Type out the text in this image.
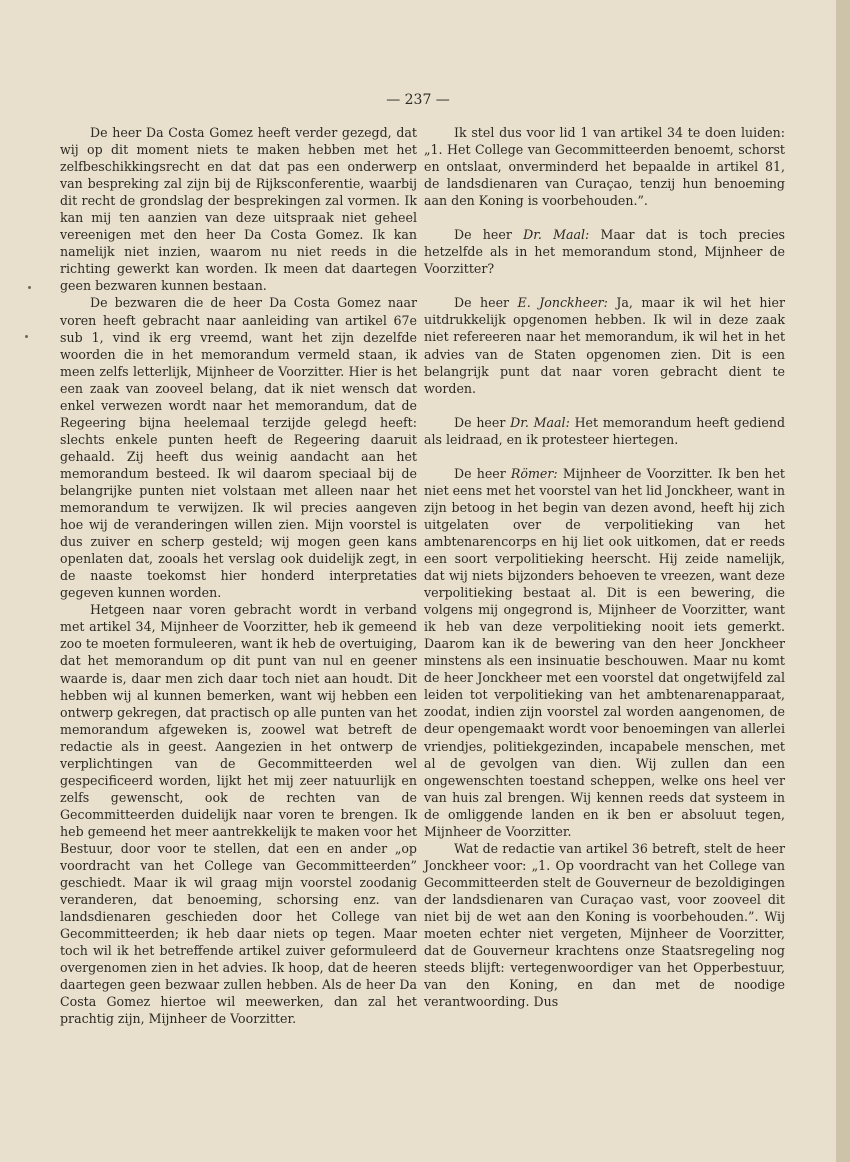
— 237 —

De heer Da Costa Gomez heeft verder gezegd, dat wij op dit moment niets te maken hebben met het zelfbeschikkingsrecht en dat dat pas een onderwerp van bespreking zal zijn bij de Rijksconferentie, waarbij dit recht de grondslag der besprekingen zal vormen. Ik kan mij ten aanzien van deze uitspraak niet geheel vereenigen met den heer Da Costa Gomez. Ik kan namelijk niet inzien, waarom nu niet reeds in die richting gewerkt kan worden. Ik meen dat daartegen geen bezwaren kunnen bestaan.

De bezwaren die de heer Da Costa Gomez naar voren heeft gebracht naar aanleiding van artikel 67e sub 1, vind ik erg vreemd, want het zijn dezelfde woorden die in het memorandum vermeld staan, ik meen zelfs letterlijk, Mijnheer de Voorzitter. Hier is het een zaak van zooveel belang, dat ik niet wensch dat enkel verwezen wordt naar het memorandum, dat de Regeering bijna heelemaal terzijde gelegd heeft: slechts enkele punten heeft de Regeering daaruit gehaald. Zij heeft dus weinig aandacht aan het memorandum besteed. Ik wil daarom speciaal bij de belangrijke punten niet volstaan met alleen naar het memorandum te verwijzen. Ik wil precies aangeven hoe wij de veranderingen willen zien. Mijn voorstel is dus zuiver en scherp gesteld; wij mogen geen kans openlaten dat, zooals het verslag ook duidelijk zegt, in de naaste toekomst hier honderd interpretaties gegeven kunnen worden.

Hetgeen naar voren gebracht wordt in verband met artikel 34, Mijnheer de Voorzitter, heb ik gemeend zoo te moeten formuleeren, want ik heb de overtuiging, dat het memorandum op dit punt van nul en geener waarde is, daar men zich daar toch niet aan houdt. Dit hebben wij al kunnen bemerken, want wij hebben een ontwerp gekregen, dat practisch op alle punten van het memorandum afgeweken is, zoowel wat betreft de redactie als in geest. Aangezien in het ontwerp de verplichtingen van de Gecommitteerden wel gespecificeerd worden, lijkt het mij zeer natuurlijk en zelfs gewenscht, ook de rechten van de Gecommitteerden duidelijk naar voren te brengen. Ik heb gemeend het meer aantrekkelijk te maken voor het Bestuur, door voor te stellen, dat een en ander „op voordracht van het College van Gecommitteerden” geschiedt. Maar ik wil graag mijn voorstel zoodanig veranderen, dat benoeming, schorsing enz. van landsdienaren geschieden door het College van Gecommitteerden; ik heb daar niets op tegen. Maar toch wil ik het betreffende artikel zuiver geformuleerd overgenomen zien in het advies. Ik hoop, dat de heeren daartegen geen bezwaar zullen hebben. Als de heer Da Costa Gomez hiertoe wil meewerken, dan zal het prachtig zijn, Mijnheer de Voorzitter.

Ik stel dus voor lid 1 van artikel 34 te doen luiden: „1. Het College van Gecommitteerden benoemt, schorst en ontslaat, onverminderd het bepaalde in artikel 81, de landsdienaren van Curaçao, tenzij hun benoeming aan den Koning is voorbehouden.”.

De heer Dr. Maal: Maar dat is toch precies hetzelfde als in het memorandum stond, Mijnheer de Voorzitter?

De heer E. Jonckheer: Ja, maar ik wil het hier uitdrukkelijk opgenomen hebben. Ik wil in deze zaak niet refereeren naar het memorandum, ik wil het in het advies van de Staten opgenomen zien. Dit is een belangrijk punt dat naar voren gebracht dient te worden.

De heer Dr. Maal: Het memorandum heeft gediend als leidraad, en ik protesteer hiertegen.

De heer Römer: Mijnheer de Voorzitter. Ik ben het niet eens met het voorstel van het lid Jonckheer, want in zijn betoog in het begin van dezen avond, heeft hij zich uitgelaten over de verpolitieking van het ambtenarencorps en hij liet ook uitkomen, dat er reeds een soort verpolitieking heerscht. Hij zeide namelijk, dat wij niets bijzonders behoeven te vreezen, want deze verpolitieking bestaat al. Dit is een bewering, die volgens mij ongegrond is, Mijnheer de Voorzitter, want ik heb van deze verpolitieking nooit iets gemerkt. Daarom kan ik de bewering van den heer Jonckheer minstens als een insinuatie beschouwen. Maar nu komt de heer Jonckheer met een voorstel dat ongetwijfeld zal leiden tot verpolitieking van het ambtenarenapparaat, zoodat, indien zijn voorstel zal worden aangenomen, de deur opengemaakt wordt voor benoemingen van allerlei vriendjes, politiekgezinden, incapabele menschen, met al de gevolgen van dien. Wij zullen dan een ongewenschten toestand scheppen, welke ons heel ver van huis zal brengen. Wij kennen reeds dat systeem in de omliggende landen en ik ben er absoluut tegen, Mijnheer de Voorzitter.

Wat de redactie van artikel 36 betreft, stelt de heer Jonckheer voor: „1. Op voordracht van het College van Gecommitteerden stelt de Gouverneur de bezoldigingen der landsdienaren van Curaçao vast, voor zooveel dit niet bij de wet aan den Koning is voorbehouden.”. Wij moeten echter niet vergeten, Mijnheer de Voorzitter, dat de Gouverneur krachtens onze Staatsregeling nog steeds blijft: vertegenwoordiger van het Opperbestuur, van den Koning, en dan met de noodige verantwoording. Dus
